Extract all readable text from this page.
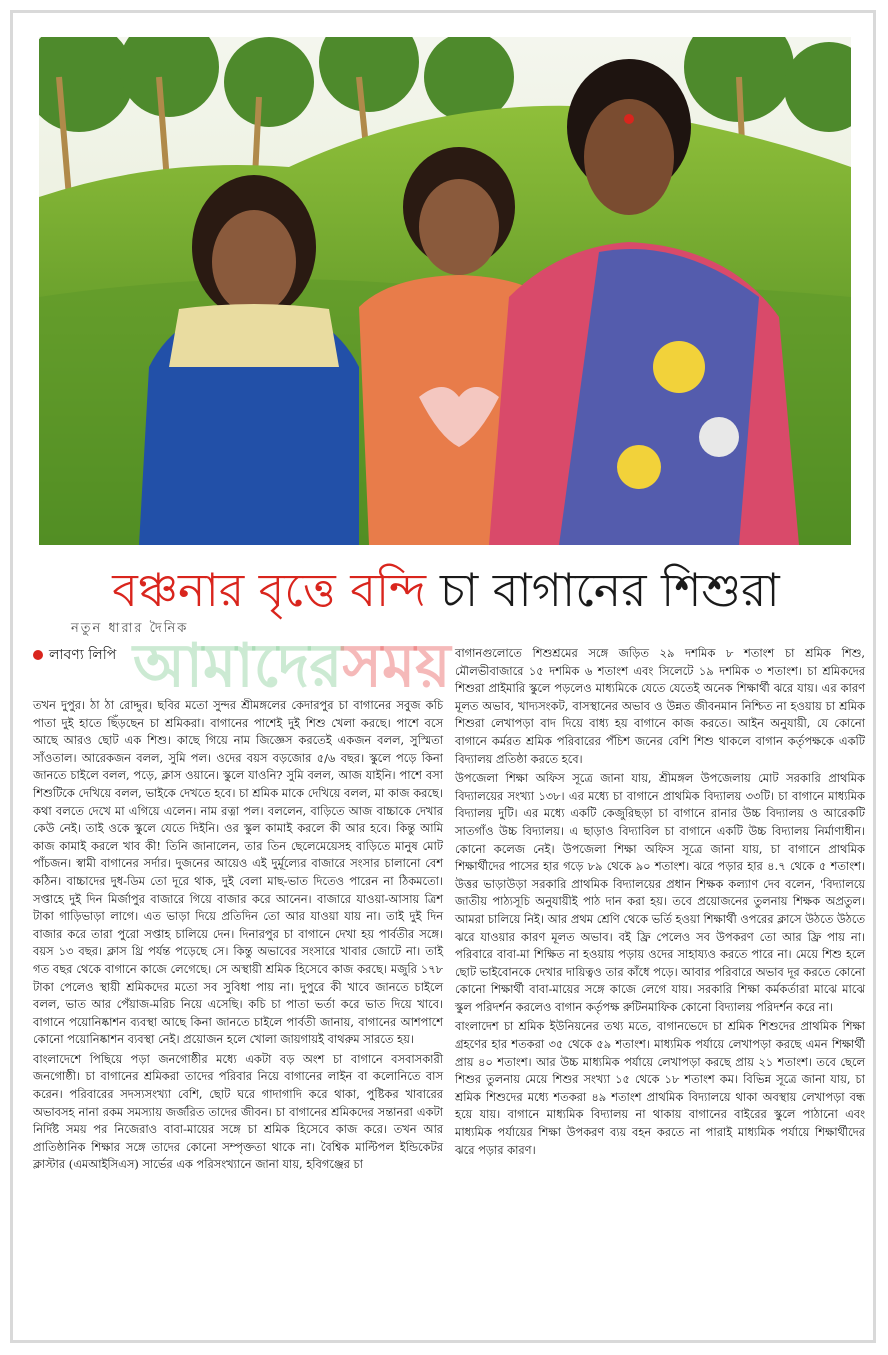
বঞ্চনার বৃত্তে বন্দি চা বাগানের শিশুরা
নতুন ধারার দৈনিক
আমাদেরসময়
লাবণ্য লিপি

তখন দুপুর। ঠা ঠা রোদ্দুর। ছবির মতো সুন্দর শ্রীমঙ্গলের কেদারপুর চা বাগানের সবুজ কচি পাতা দুই হাতে ছিঁড়ছেন চা শ্রমিকরা। বাগানের পাশেই দুই শিশু খেলা করছে। পাশে বসে আছে আরও ছোট এক শিশু। কাছে গিয়ে নাম জিজ্ঞেস করতেই একজন বলল, সুস্মিতা সাঁওতাল। আরেকজন বলল, সুমি পল। ওদের বয়স বড়জোর ৫/৬ বছর। স্কুলে পড়ে কিনা জানতে চাইলে বলল, পড়ে, ক্লাস ওয়ানে। স্কুলে যাওনি? সুমি বলল, আজ যাইনি। পাশে বসা শিশুটিকে দেখিয়ে বলল, ভাইকে দেখতে হবে। চা শ্রমিক মাকে দেখিয়ে বলল, মা কাজ করছে। কথা বলতে দেখে মা এগিয়ে এলেন। নাম রত্না পল। বললেন, বাড়িতে আজ বাচ্চাকে দেখার কেউ নেই। তাই ওকে স্কুলে যেতে দিইনি। ওর স্কুল কামাই করলে কী আর হবে। কিন্তু আমি কাজ কামাই করলে খাব কী! তিনি জানালেন, তার তিন ছেলেমেয়েসহ বাড়িতে মানুষ মোট পাঁচজন। স্বামী বাগানের সর্দার। দুজনের আয়েও এই দুর্মূল্যের বাজারে সংসার চালানো বেশ কঠিন। বাচ্চাদের দুধ-ডিম তো দূরে থাক, দুই বেলা মাছ-ভাত দিতেও পারেন না ঠিকমতো। সপ্তাহে দুই দিন মির্জাপুর বাজারে গিয়ে বাজার করে আনেন। বাজারে যাওয়া-আসায় ত্রিশ টাকা গাড়িভাড়া লাগে। এত ভাড়া দিয়ে প্রতিদিন তো আর যাওয়া যায় না। তাই দুই দিন বাজার করে তারা পুরো সপ্তাহ চালিয়ে দেন। দিনারপুর চা বাগানে দেখা হয় পার্বতীর সঙ্গে। বয়স ১৩ বছর। ক্লাস থ্রি পর্যন্ত পড়েছে সে। কিন্তু অভাবের সংসারে খাবার জোটে না। তাই গত বছর থেকে বাগানে কাজে লেগেছে। সে অস্থায়ী শ্রমিক হিসেবে কাজ করছে। মজুরি ১৭৮ টাকা পেলেও স্থায়ী শ্রমিকদের মতো সব সুবিধা পায় না। দুপুরে কী খাবে জানতে চাইলে বলল, ভাত আর পেঁয়াজ-মরিচ নিয়ে এসেছি। কচি চা পাতা ভর্তা করে ভাত দিয়ে খাবে। বাগানে পয়োনিষ্কাশন ব্যবস্থা আছে কিনা জানতে চাইলে পার্বতী জানায়, বাগানের আশপাশে কোনো পয়োনিষ্কাশন ব্যবস্থা নেই। প্রয়োজন হলে খোলা জায়গায়ই বাথরুম সারতে হয়।

বাংলাদেশে পিছিয়ে পড়া জনগোষ্ঠীর মধ্যে একটা বড় অংশ চা বাগানে বসবাসকারী জনগোষ্ঠী। চা বাগানের শ্রমিকরা তাদের পরিবার নিয়ে বাগানের লাইন বা কলোনিতে বাস করেন। পরিবারের সদস্যসংখ্যা বেশি, ছোট ঘরে গাদাগাদি করে থাকা, পুষ্টিকর খাবারের অভাবসহ নানা রকম সমস্যায় জর্জরিত তাদের জীবন। চা বাগানের শ্রমিকদের সন্তানরা একটা নির্দিষ্ট সময় পর নিজেরাও বাবা-মায়ের সঙ্গে চা শ্রমিক হিসেবে কাজ করে। তখন আর প্রাতিষ্ঠানিক শিক্ষার সঙ্গে তাদের কোনো সম্পৃক্ততা থাকে না। বৈশ্বিক মাল্টিপল ইন্ডিকেটর ক্লাস্টার (এমআইসিএস) সার্ভের এক পরিসংখ্যানে জানা যায়, হবিগঞ্জের চা

বাগানগুলোতে শিশুশ্রমের সঙ্গে জড়িত ২৯ দশমিক ৮ শতাংশ চা শ্রমিক শিশু, মৌলভীবাজারে ১৫ দশমিক ৬ শতাংশ এবং সিলেটে ১৯ দশমিক ৩ শতাংশ। চা শ্রমিকদের শিশুরা প্রাইমারি স্কুলে পড়লেও মাধ্যমিকে যেতে যেতেই অনেক শিক্ষার্থী ঝরে যায়। এর কারণ মূলত অভাব, খাদ্যসংকট, বাসস্থানের অভাব ও উন্নত জীবনমান নিশ্চিত না হওয়ায় চা শ্রমিক শিশুরা লেখাপড়া বাদ দিয়ে বাধ্য হয় বাগানে কাজ করতে। আইন অনুযায়ী, যে কোনো বাগানে কর্মরত শ্রমিক পরিবারের পঁচিশ জনের বেশি শিশু থাকলে বাগান কর্তৃপক্ষকে একটি বিদ্যালয় প্রতিষ্ঠা করতে হবে।

উপজেলা শিক্ষা অফিস সূত্রে জানা যায়, শ্রীমঙ্গল উপজেলায় মোট সরকারি প্রাথমিক বিদ্যালয়ের সংখ্যা ১৩৮। এর মধ্যে চা বাগানে প্রাথমিক বিদ্যালয় ৩৩টি। চা বাগানে মাধ্যমিক বিদ্যালয় দুটি। এর মধ্যে একটি কেজুরিছড়া চা বাগানে রানার উচ্চ বিদ্যালয় ও আরেকটি সাতগাঁও উচ্চ বিদ্যালয়। এ ছাড়াও বিদ্যাবিল চা বাগানে একটি উচ্চ বিদ্যালয় নির্মাণাধীন। কোনো কলেজ নেই। উপজেলা শিক্ষা অফিস সূত্রে জানা যায়, চা বাগানে প্রাথমিক শিক্ষার্থীদের পাসের হার গড়ে ৮৯ থেকে ৯০ শতাংশ। ঝরে পড়ার হার ৪.৭ থেকে ৫ শতাংশ। উত্তর ভাড়াউড়া সরকারি প্রাথমিক বিদ্যালয়ের প্রধান শিক্ষক কল্যাণ দেব বলেন, 'বিদ্যালয়ে জাতীয় পাঠ্যসূচি অনুযায়ীই পাঠ দান করা হয়। তবে প্রয়োজনের তুলনায় শিক্ষক অপ্রতুল। আমরা চালিয়ে নিই। আর প্রথম শ্রেণি থেকে ভর্তি হওয়া শিক্ষার্থী ওপরের ক্লাসে উঠতে উঠতে ঝরে যাওয়ার কারণ মূলত অভাব। বই ফ্রি পেলেও সব উপকরণ তো আর ফ্রি পায় না। পরিবারে বাবা-মা শিক্ষিত না হওয়ায় পড়ায় ওদের সাহায্যও করতে পারে না। মেয়ে শিশু হলে ছোট ভাইবোনকে দেখার দায়িত্বও তার কাঁধে পড়ে। আবার পরিবারে অভাব দূর করতে কোনো কোনো শিক্ষার্থী বাবা-মায়ের সঙ্গে কাজে লেগে যায়। সরকারি শিক্ষা কর্মকর্তারা মাঝে মাঝে স্কুল পরিদর্শন করলেও বাগান কর্তৃপক্ষ রুটিনমাফিক কোনো বিদ্যালয় পরিদর্শন করে না।

বাংলাদেশ চা শ্রমিক ইউনিয়নের তথ্য মতে, বাগানভেদে চা শ্রমিক শিশুদের প্রাথমিক শিক্ষা গ্রহণের হার শতকরা ৩৫ থেকে ৫৯ শতাংশ। মাধ্যমিক পর্যায়ে লেখাপড়া করছে এমন শিক্ষার্থী প্রায় ৪০ শতাংশ। আর উচ্চ মাধ্যমিক পর্যায়ে লেখাপড়া করছে প্রায় ২১ শতাংশ। তবে ছেলে শিশুর তুলনায় মেয়ে শিশুর সংখ্যা ১৫ থেকে ১৮ শতাংশ কম। বিভিন্ন সূত্রে জানা যায়, চা শ্রমিক শিশুদের মধ্যে শতকরা ৪৯ শতাংশ প্রাথমিক বিদ্যালয়ে থাকা অবস্থায় লেখাপড়া বন্ধ হয়ে যায়। বাগানে মাধ্যমিক বিদ্যালয় না থাকায় বাগানের বাইরের স্কুলে পাঠানো এবং মাধ্যমিক পর্যায়ের শিক্ষা উপকরণ ব্যয় বহন করতে না পারাই মাধ্যমিক পর্যায়ে শিক্ষার্থীদের ঝরে পড়ার কারণ।
